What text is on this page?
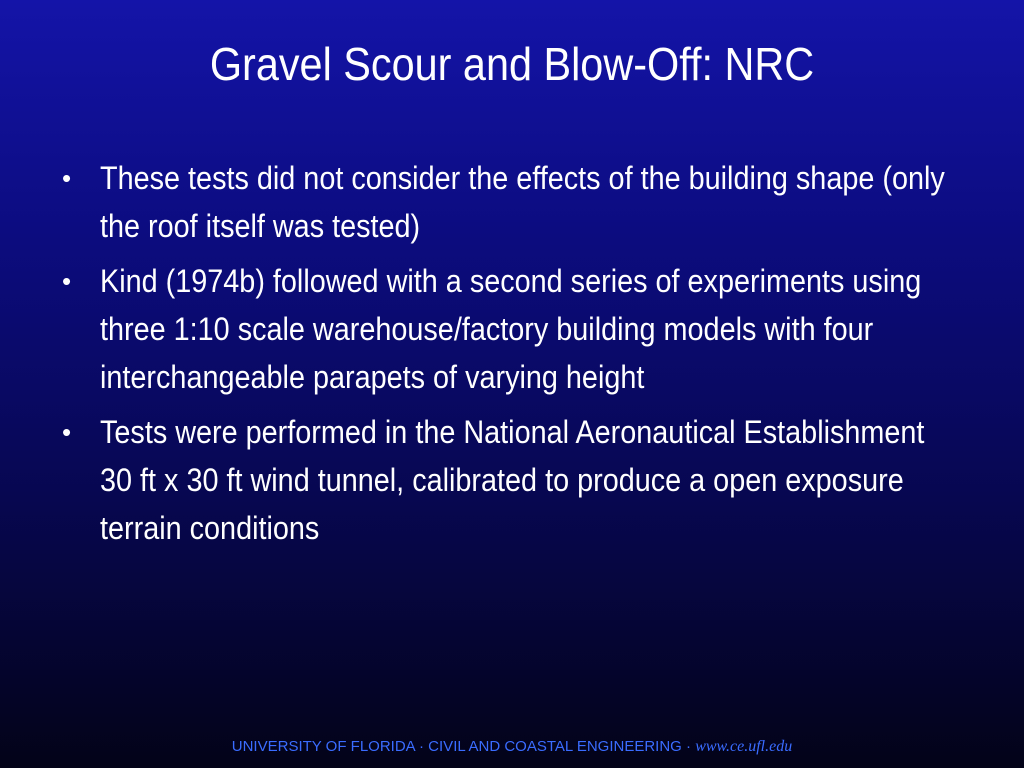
Gravel Scour and Blow-Off: NRC
• These tests did not consider the effects of the building shape (only the roof itself was tested)
• Kind (1974b) followed with a second series of experiments using three 1:10 scale warehouse/factory building models with four interchangeable parapets of varying height
• Tests were performed in the National Aeronautical Establishment 30 ft x 30 ft wind tunnel, calibrated to produce a open exposure terrain conditions
UNIVERSITY OF FLORIDA · CIVIL AND COASTAL ENGINEERING · www.ce.ufl.edu
